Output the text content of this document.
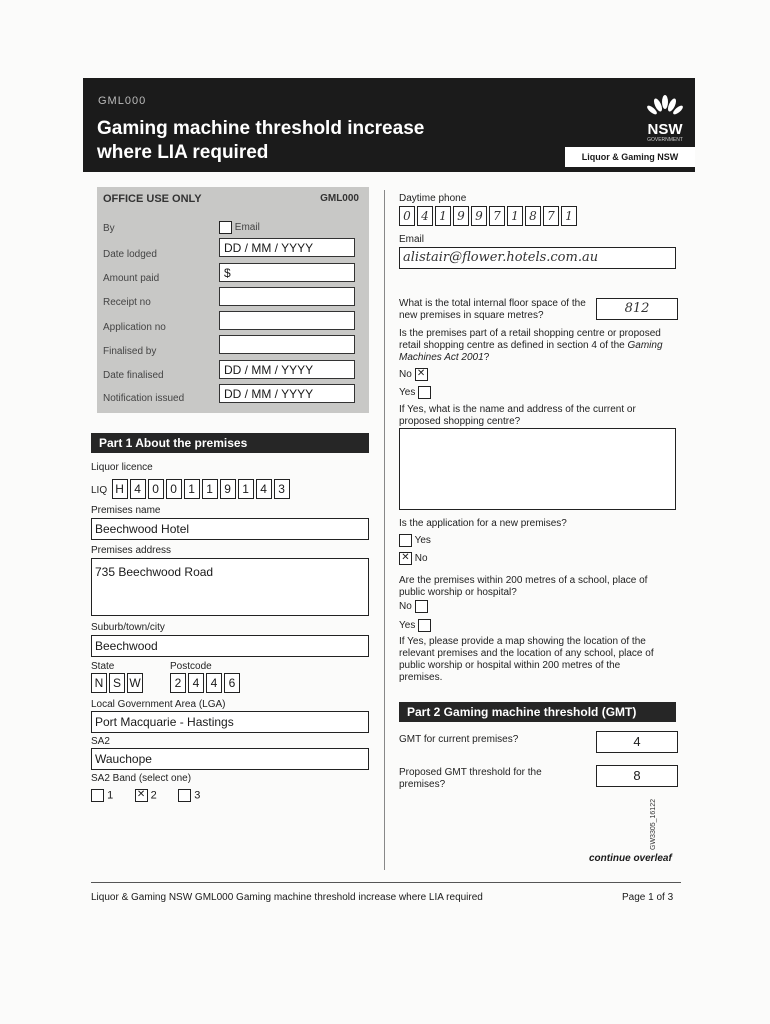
GML000
Gaming machine threshold increase
where LIA required
NSW
GOVERNMENT
Liquor & Gaming NSW
OFFICE USE ONLY	GML000
By	Email
Date lodged	DD / MM / YYYY
Amount paid	$
Receipt no
Application no
Finalised by
Date finalised	DD / MM / YYYY
Notification issued	DD / MM / YYYY
Part 1 About the premises
Liquor licence
LIQ H 4 0 0 1 1 9 1 4 3
Premises name
Beechwood Hotel
Premises address
735 Beechwood Road
Suburb/town/city
Beechwood
State	Postcode
N S W	2 4 4 6
Local Government Area (LGA)
Port Macquarie - Hastings
SA2
Wauchope
SA2 Band (select one)
1 ✕ 2	3
Daytime phone
0 4 1 9 9 7 1 8 7 1
Email
alistair@flower.hotels.com.au
What is the total internal floor space of the new premises in square metres?	812
Is the premises part of a retail shopping centre or proposed retail shopping centre as defined in section 4 of the Gaming Machines Act 2001?
No ✕
Yes
If Yes, what is the name and address of the current or proposed shopping centre?
Is the application for a new premises?
Yes
✕ No
Are the premises within 200 metres of a school, place of public worship or hospital?
No
Yes
If Yes, please provide a map showing the location of the relevant premises and the location of any school, place of public worship or hospital within 200 metres of the premises.
Part 2 Gaming machine threshold (GMT)
GMT for current premises?	4
Proposed GMT threshold for the premises?
8
continue overleaf
GW3305_16122
Liquor & Gaming NSW GML000 Gaming machine threshold increase where LIA required	Page 1 of 3
